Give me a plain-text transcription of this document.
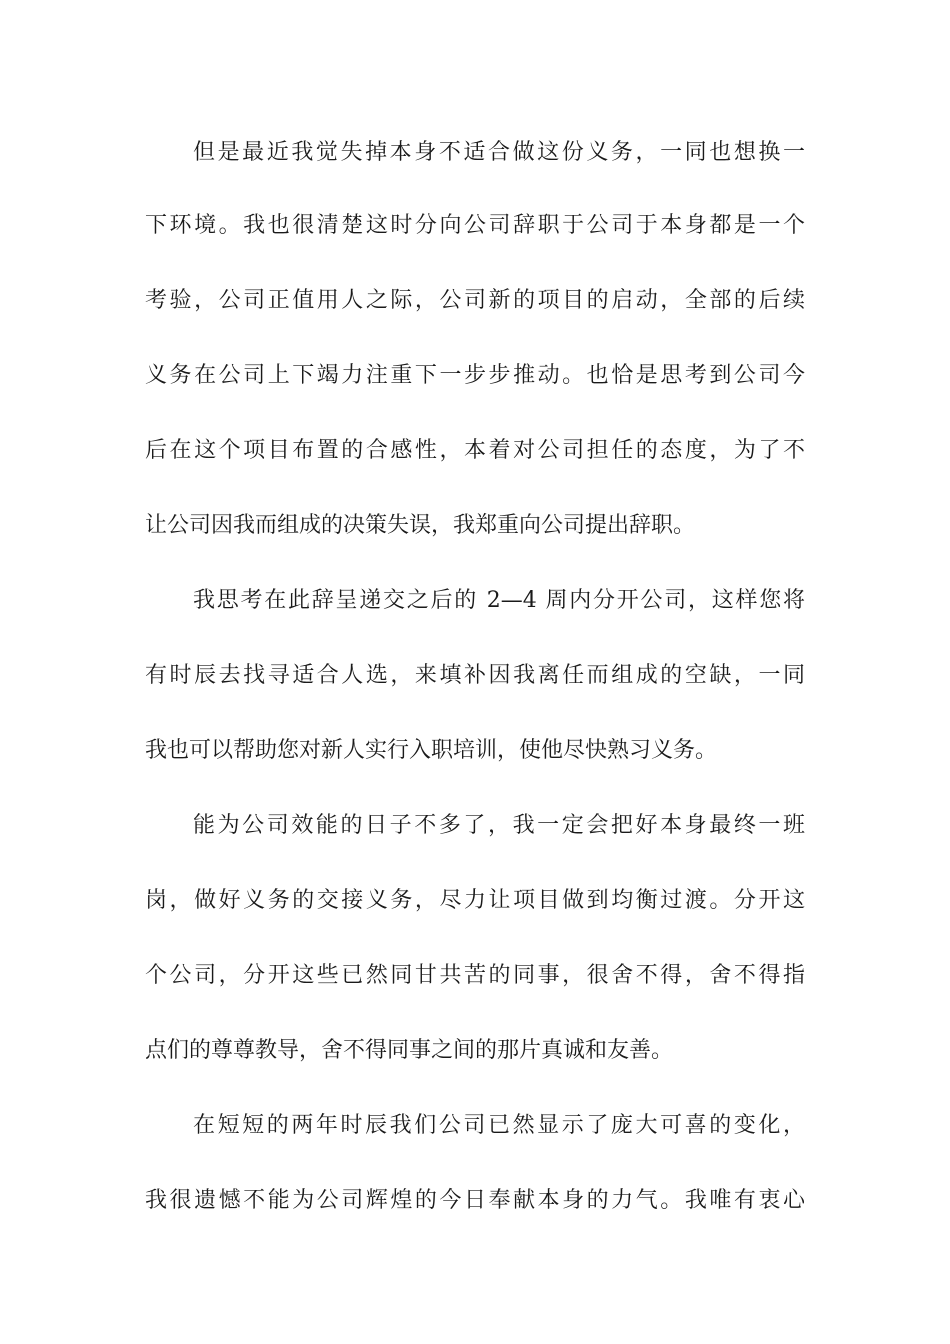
但是最近我觉失掉本身不适合做这份义务，一同也想换一
下环境。我也很清楚这时分向公司辞职于公司于本身都是一个
考验，公司正值用人之际，公司新的项目的启动，全部的后续
义务在公司上下竭力注重下一步步推动。也恰是思考到公司今
后在这个项目布置的合感性，本着对公司担任的态度，为了不
让公司因我而组成的决策失误，我郑重向公司提出辞职。
我思考在此辞呈递交之后的 2—4 周内分开公司，这样您将
有时辰去找寻适合人选，来填补因我离任而组成的空缺，一同
我也可以帮助您对新人实行入职培训，使他尽快熟习义务。
能为公司效能的日子不多了，我一定会把好本身最终一班
岗，做好义务的交接义务，尽力让项目做到均衡过渡。分开这
个公司，分开这些已然同甘共苦的同事，很舍不得，舍不得指
点们的尊尊教导，舍不得同事之间的那片真诚和友善。
在短短的两年时辰我们公司已然显示了庞大可喜的变化，
我很遗憾不能为公司辉煌的今日奉献本身的力气。我唯有衷心
